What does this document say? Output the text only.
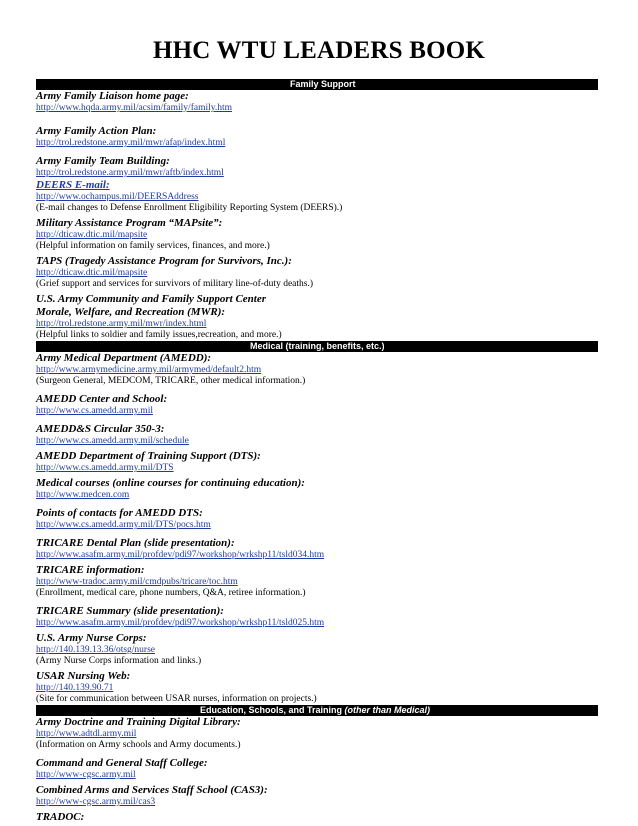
HHC WTU LEADERS BOOK
Family Support
Army Family Liaison home page:
http://www.hqda.army.mil/acsim/family/family.htm
Army Family Action Plan:
http://trol.redstone.army.mil/mwr/afap/index.html
Army Family Team Building:
http://trol.redstone.army.mil/mwr/aftb/index.html
DEERS E-mail:
http://www.ochampus.mil/DEERSAddress
(E-mail changes to Defense Enrollment Eligibility Reporting System (DEERS).)
Military Assistance Program “MAPsite”:
http://dticaw.dtic.mil/mapsite
(Helpful information on family services, finances, and more.)
TAPS (Tragedy Assistance Program for Survivors, Inc.):
http://dticaw.dtic.mil/mapsite
(Grief support and services for survivors of military line-of-duty deaths.)
U.S. Army Community and Family Support Center
Morale, Welfare, and Recreation (MWR):
http://trol.redstone.army.mil/mwr/index.html
(Helpful links to soldier and family issues,recreation, and more.)
Medical (training, benefits, etc.)
Army Medical Department (AMEDD):
http://www.armymedicine.army.mil/armymed/default2.htm
(Surgeon General, MEDCOM, TRICARE, other medical information.)
AMEDD Center and School:
http://www.cs.amedd.army.mil
AMEDD&S Circular 350-3:
http://www.cs.amedd.army.mil/schedule
AMEDD Department of Training Support (DTS):
http://www.cs.amedd.army.mil/DTS
Medical courses (online courses for continuing education):
http://www.medcen.com
Points of contacts for AMEDD DTS:
http://www.cs.amedd.army.mil/DTS/pocs.htm
TRICARE Dental Plan (slide presentation):
http://www.asafm.army.mil/profdev/pdi97/workshop/wrkshp11/tsld034.htm
TRICARE information:
http://www-tradoc.army.mil/cmdpubs/tricare/toc.htm
(Enrollment, medical care, phone numbers, Q&A, retiree information.)
TRICARE Summary (slide presentation):
http://www.asafm.army.mil/profdev/pdi97/workshop/wrkshp11/tsld025.htm
U.S. Army Nurse Corps:
http://140.139.13.36/otsg/nurse
(Army Nurse Corps information and links.)
USAR Nursing Web:
http://140.139.90.71
(Site for communication between USAR nurses, information on projects.)
Education, Schools, and Training (other than Medical)
Army Doctrine and Training Digital Library:
http://www.adtdl.army.mil
(Information on Army schools and Army documents.)
Command and General Staff College:
http://www-cgsc.army.mil
Combined Arms and Services Staff School (CAS3):
http://www-cgsc.army.mil/cas3
TRADOC:
